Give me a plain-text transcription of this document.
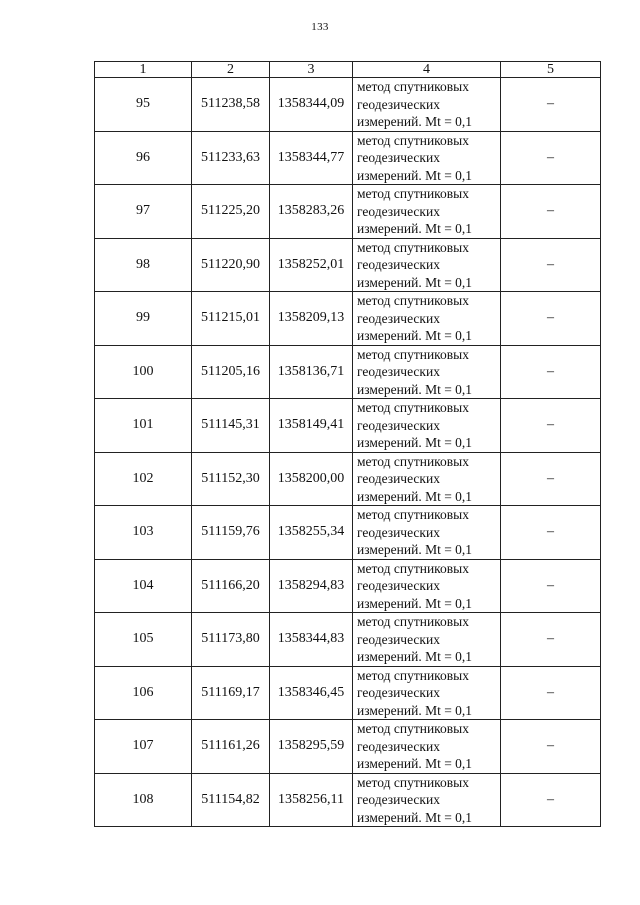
133
1	2	3	4	5
95	511238,58	1358344,09	метод спутниковых
геодезических
измерений. Mt = 0,1	–
96	511233,63	1358344,77	метод спутниковых
геодезических
измерений. Mt = 0,1	–
97	511225,20	1358283,26	метод спутниковых
геодезических
измерений. Mt = 0,1	–
98	511220,90	1358252,01	метод спутниковых
геодезических
измерений. Mt = 0,1	–
99	511215,01	1358209,13	метод спутниковых
геодезических
измерений. Mt = 0,1	–
100	511205,16	1358136,71	метод спутниковых
геодезических
измерений. Mt = 0,1	–
101	511145,31	1358149,41	метод спутниковых
геодезических
измерений. Mt = 0,1	–
102	511152,30	1358200,00	метод спутниковых
геодезических
измерений. Mt = 0,1	–
103	511159,76	1358255,34	метод спутниковых
геодезических
измерений. Mt = 0,1	–
104	511166,20	1358294,83	метод спутниковых
геодезических
измерений. Mt = 0,1	–
105	511173,80	1358344,83	метод спутниковых
геодезических
измерений. Mt = 0,1	–
106	511169,17	1358346,45	метод спутниковых
геодезических
измерений. Mt = 0,1	–
107	511161,26	1358295,59	метод спутниковых
геодезических
измерений. Mt = 0,1	–
108	511154,82	1358256,11	метод спутниковых
геодезических
измерений. Mt = 0,1	–
